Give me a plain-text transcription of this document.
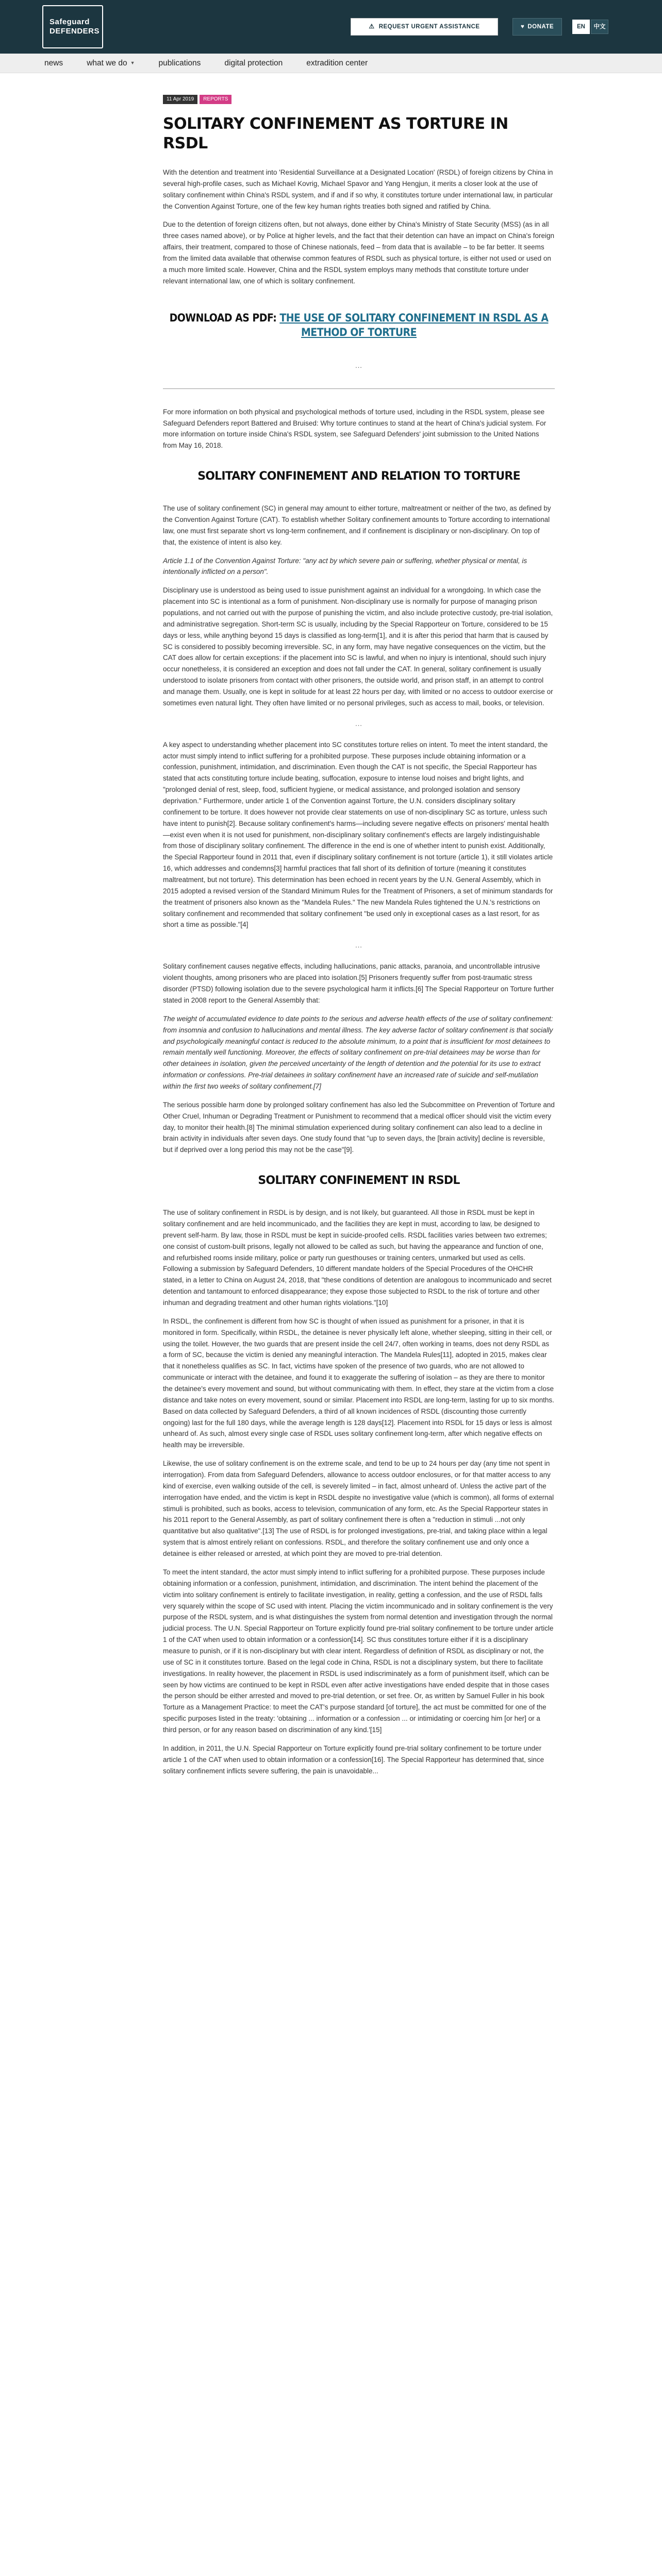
Safeguard
DEFENDERS
⚠ REQUEST URGENT ASSISTANCE	♥ DONATE	EN	中文
news	what we do ▼	publications	digital protection	extradition center
11 Apr 2019	REPORTS
SOLITARY CONFINEMENT AS TORTURE IN RSDL

With the detention and treatment into 'Residential Surveillance at a Designated Location' (RSDL) of foreign citizens by China in several high-profile cases, such as Michael Kovrig, Michael Spavor and Yang Hengjun, it merits a closer look at the use of solitary confinement within China's RSDL system, and if and if so why, it constitutes torture under international law, in particular the Convention Against Torture, one of the few key human rights treaties both signed and ratified by China.

Due to the detention of foreign citizens often, but not always, done either by China's Ministry of State Security (MSS) (as in all three cases named above), or by Police at higher levels, and the fact that their detention can have an impact on China's foreign affairs, their treatment, compared to those of Chinese nationals, feed – from data that is available – to be far better. It seems from the limited data available that otherwise common features of RSDL such as physical torture, is either not used or used on a much more limited scale. However, China and the RSDL system employs many methods that constitute torture under relevant international law, one of which is solitary confinement.

DOWNLOAD AS PDF: THE USE OF SOLITARY CONFINEMENT IN RSDL AS A METHOD OF TORTURE
...

For more information on both physical and psychological methods of torture used, including in the RSDL system, please see Safeguard Defenders report Battered and Bruised: Why torture continues to stand at the heart of China's judicial system. For more information on torture inside China's RSDL system, see Safeguard Defenders' joint submission to the United Nations from May 16, 2018.

SOLITARY CONFINEMENT AND RELATION TO TORTURE

The use of solitary confinement (SC) in general may amount to either torture, maltreatment or neither of the two, as defined by the Convention Against Torture (CAT). To establish whether Solitary confinement amounts to Torture according to international law, one must first separate short vs long-term confinement, and if confinement is disciplinary or non-disciplinary. On top of that, the existence of intent is also key.

Article 1.1 of the Convention Against Torture: "any act by which severe pain or suffering, whether physical or mental, is intentionally inflicted on a person".

Disciplinary use is understood as being used to issue punishment against an individual for a wrongdoing. In which case the placement into SC is intentional as a form of punishment. Non-disciplinary use is normally for purpose of managing prison populations, and not carried out with the purpose of punishing the victim, and also include protective custody, pre-trial isolation, and administrative segregation. Short-term SC is usually, including by the Special Rapporteur on Torture, considered to be 15 days or less, while anything beyond 15 days is classified as long-term[1], and it is after this period that harm that is caused by SC is considered to possibly becoming irreversible. SC, in any form, may have negative consequences on the victim, but the CAT does allow for certain exceptions: if the placement into SC is lawful, and when no injury is intentional, should such injury occur nonetheless, it is considered an exception and does not fall under the CAT. In general, solitary confinement is usually understood to isolate prisoners from contact with other prisoners, the outside world, and prison staff, in an attempt to control and manage them. Usually, one is kept in solitude for at least 22 hours per day, with limited or no access to outdoor exercise or sometimes even natural light. They often have limited or no personal privileges, such as access to mail, books, or television.

...

A key aspect to understanding whether placement into SC constitutes torture relies on intent. To meet the intent standard, the actor must simply intend to inflict suffering for a prohibited purpose. These purposes include obtaining information or a confession, punishment, intimidation, and discrimination. Even though the CAT is not specific, the Special Rapporteur has stated that acts constituting torture include beating, suffocation, exposure to intense loud noises and bright lights, and "prolonged denial of rest, sleep, food, sufficient hygiene, or medical assistance, and prolonged isolation and sensory deprivation." Furthermore, under article 1 of the Convention against Torture, the U.N. considers disciplinary solitary confinement to be torture. It does however not provide clear statements on use of non-disciplinary SC as torture, unless such have intent to punish[2]. Because solitary confinement's harms—including severe negative effects on prisoners' mental health—exist even when it is not used for punishment, non-disciplinary solitary confinement's effects are largely indistinguishable from those of disciplinary solitary confinement. The difference in the end is one of whether intent to punish exist. Additionally, the Special Rapporteur found in 2011 that, even if disciplinary solitary confinement is not torture (article 1), it still violates article 16, which addresses and condemns[3] harmful practices that fall short of its definition of torture (meaning it constitutes maltreatment, but not torture). This determination has been echoed in recent years by the U.N. General Assembly, which in 2015 adopted a revised version of the Standard Minimum Rules for the Treatment of Prisoners, a set of minimum standards for the treatment of prisoners also known as the "Mandela Rules." The new Mandela Rules tightened the U.N.'s restrictions on solitary confinement and recommended that solitary confinement "be used only in exceptional cases as a last resort, for as short a time as possible."[4]

...

Solitary confinement causes negative effects, including hallucinations, panic attacks, paranoia, and uncontrollable intrusive violent thoughts, among prisoners who are placed into isolation.[5] Prisoners frequently suffer from post-traumatic stress disorder (PTSD) following isolation due to the severe psychological harm it inflicts.[6] The Special Rapporteur on Torture further stated in 2008 report to the General Assembly that:

The weight of accumulated evidence to date points to the serious and adverse health effects of the use of solitary confinement: from insomnia and confusion to hallucinations and mental illness. The key adverse factor of solitary confinement is that socially and psychologically meaningful contact is reduced to the absolute minimum, to a point that is insufficient for most detainees to remain mentally well functioning. Moreover, the effects of solitary confinement on pre-trial detainees may be worse than for other detainees in isolation, given the perceived uncertainty of the length of detention and the potential for its use to extract information or confessions. Pre-trial detainees in solitary confinement have an increased rate of suicide and self-mutilation within the first two weeks of solitary confinement.[7]

The serious possible harm done by prolonged solitary confinement has also led the Subcommittee on Prevention of Torture and Other Cruel, Inhuman or Degrading Treatment or Punishment to recommend that a medical officer should visit the victim every day, to monitor their health.[8] The minimal stimulation experienced during solitary confinement can also lead to a decline in brain activity in individuals after seven days. One study found that "up to seven days, the [brain activity] decline is reversible, but if deprived over a long period this may not be the case"[9].

SOLITARY CONFINEMENT IN RSDL

The use of solitary confinement in RSDL is by design, and is not likely, but guaranteed. All those in RSDL must be kept in solitary confinement and are held incommunicado, and the facilities they are kept in must, according to law, be designed to prevent self-harm. By law, those in RSDL must be kept in suicide-proofed cells. RSDL facilities varies between two extremes; one consist of custom-built prisons, legally not allowed to be called as such, but having the appearance and function of one, and refurbished rooms inside military, police or party run guesthouses or training centers, unmarked but used as cells. Following a submission by Safeguard Defenders, 10 different mandate holders of the Special Procedures of the OHCHR stated, in a letter to China on August 24, 2018, that "these conditions of detention are analogous to incommunicado and secret detention and tantamount to enforced disappearance; they expose those subjected to RSDL to the risk of torture and other inhuman and degrading treatment and other human rights violations."[10]

In RSDL, the confinement is different from how SC is thought of when issued as punishment for a prisoner, in that it is monitored in form. Specifically, within RSDL, the detainee is never physically left alone, whether sleeping, sitting in their cell, or using the toilet. However, the two guards that are present inside the cell 24/7, often working in teams, does not deny RSDL as a form of SC, because the victim is denied any meaningful interaction. The Mandela Rules[11], adopted in 2015, makes clear that it nonetheless qualifies as SC. In fact, victims have spoken of the presence of two guards, who are not allowed to communicate or interact with the detainee, and found it to exaggerate the suffering of isolation – as they are there to monitor the detainee's every movement and sound, but without communicating with them. In effect, they stare at the victim from a close distance and take notes on every movement, sound or similar. Placement into RSDL are long-term, lasting for up to six months. Based on data collected by Safeguard Defenders, a third of all known incidences of RSDL (discounting those currently ongoing) last for the full 180 days, while the average length is 128 days[12]. Placement into RSDL for 15 days or less is almost unheard of. As such, almost every single case of RSDL uses solitary confinement long-term, after which negative effects on health may be irreversible.

Likewise, the use of solitary confinement is on the extreme scale, and tend to be up to 24 hours per day (any time not spent in interrogation). From data from Safeguard Defenders, allowance to access outdoor enclosures, or for that matter access to any kind of exercise, even walking outside of the cell, is severely limited – in fact, almost unheard of. Unless the active part of the interrogation have ended, and the victim is kept in RSDL despite no investigative value (which is common), all forms of external stimuli is prohibited, such as books, access to television, communication of any form, etc. As the Special Rapporteur states in his 2011 report to the General Assembly, as part of solitary confinement there is often a "reduction in stimuli ...not only quantitative but also qualitative".[13] The use of RSDL is for prolonged investigations, pre-trial, and taking place within a legal system that is almost entirely reliant on confessions. RSDL, and therefore the solitary confinement use and only once a detainee is either released or arrested, at which point they are moved to pre-trial detention.

To meet the intent standard, the actor must simply intend to inflict suffering for a prohibited purpose. These purposes include obtaining information or a confession, punishment, intimidation, and discrimination. The intent behind the placement of the victim into solitary confinement is entirely to facilitate investigation, in reality, getting a confession, and the use of RSDL falls very squarely within the scope of SC used with intent. Placing the victim incommunicado and in solitary confinement is the very purpose of the RSDL system, and is what distinguishes the system from normal detention and investigation through the normal judicial process. The U.N. Special Rapporteur on Torture explicitly found pre-trial solitary confinement to be torture under article 1 of the CAT when used to obtain information or a confession[14]. SC thus constitutes torture either if it is a disciplinary measure to punish, or if it is non-disciplinary but with clear intent. Regardless of definition of RSDL as disciplinary or not, the use of SC in it constitutes torture. Based on the legal code in China, RSDL is not a disciplinary system, but there to facilitate investigations. In reality however, the placement in RSDL is used indiscriminately as a form of punishment itself, which can be seen by how victims are continued to be kept in RSDL even after active investigations have ended despite that in those cases the person should be either arrested and moved to pre-trial detention, or set free. Or, as written by Samuel Fuller in his book Torture as a Management Practice: to meet the CAT's purpose standard [of torture], the act must be committed for one of the specific purposes listed in the treaty: 'obtaining ... information or a confession ... or intimidating or coercing him [or her] or a third person, or for any reason based on discrimination of any kind.'[15]

In addition, in 2011, the U.N. Special Rapporteur on Torture explicitly found pre-trial solitary confinement to be torture under article 1 of the CAT when used to obtain information or a confession[16]. The Special Rapporteur has determined that, since solitary confinement inflicts severe suffering, the pain is unavoidable...
